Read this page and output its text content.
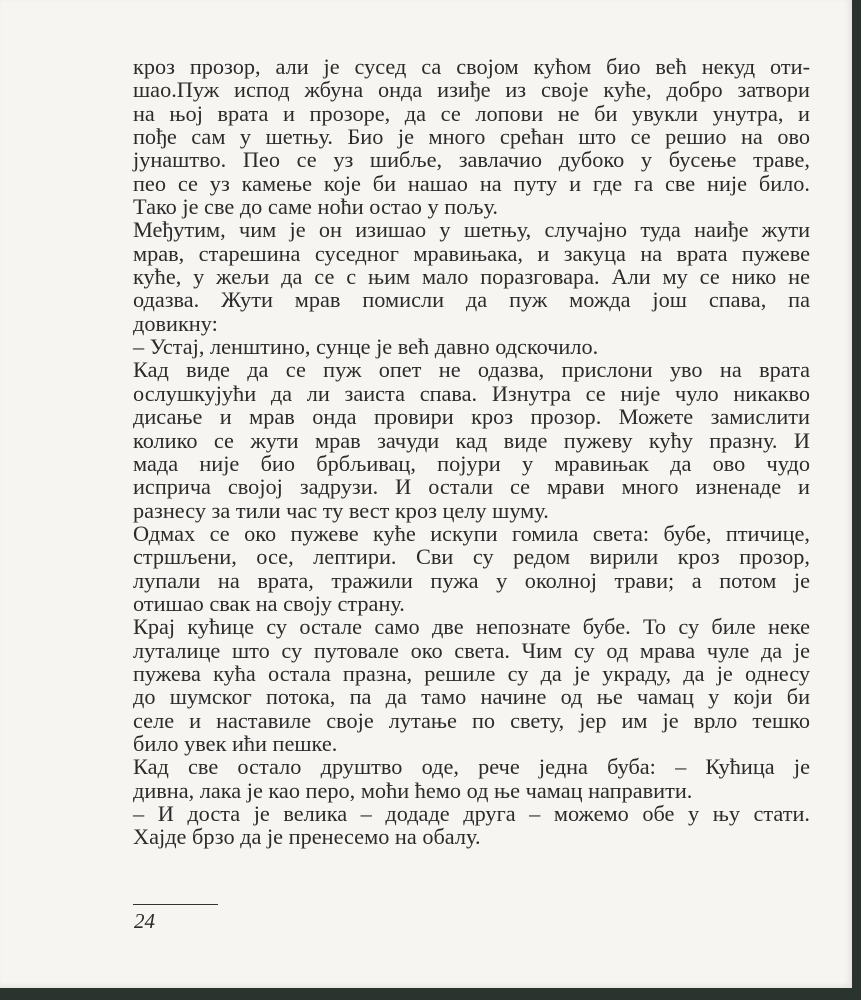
кроз прозор, али је сусед са својом кућом био већ некуд оти-
шао.Пуж испод жбуна онда изиђе из своје куће, добро затвори
на њој врата и прозоре, да се лопови не би увукли унутра, и
пође сам у шетњу. Био је много срећан што се решио на ово
јунаштво. Пео се уз шибље, завлачио дубоко у бусење траве,
пео се уз камење које би нашао на путу и где га све није било.
Тако је све до саме ноћи остао у пољу.
Међутим, чим је он изишао у шетњу, случајно туда наиђе жути
мрав, старешина суседног мравињака, и закуца на врата пужеве
куће, у жељи да се с њим мало поразговара. Али му се нико не
одазва. Жути мрав помисли да пуж можда још спава, па
довикну:
– Устај, ленштино, сунце је већ давно одскочило.
Кад виде да се пуж опет не одазва, прислони уво на врата
ослушкујући да ли заиста спава. Изнутра се није чуло никакво
дисање и мрав онда провири кроз прозор. Можете замислити
колико се жути мрав зачуди кад виде пужеву кућу празну. И
мада није био брбљивац, појури у мравињак да ово чудо
исприча својој задрузи. И остали се мрави много изненаде и
разнесу за тили час ту вест кроз целу шуму.
Одмах се око пужеве куће искупи гомила света: бубе, птичице,
стршљени, осе, лептири. Сви су редом вирили кроз прозор,
лупали на врата, тражили пужа у околној трави; а потом је
отишао свак на своју страну.
Крај кућице су остале само две непознате бубе. То су биле неке
луталице што су путовале око света. Чим су од мрава чуле да је
пужева кућа остала празна, решиле су да је украду, да је однесу
до шумског потока, па да тамо начине од ње чамац у који би
селе и наставиле своје лутање по свету, јер им је врло тешко
било увек ићи пешке.
Кад све остало друштво оде, рече једна буба: – Кућица је
дивна, лака је као перо, моћи ћемо од ње чамац направити.
– И доста је велика – додаде друга – можемо обе у њу стати.
Хајде брзо да је пренесемо на обалу.
24
